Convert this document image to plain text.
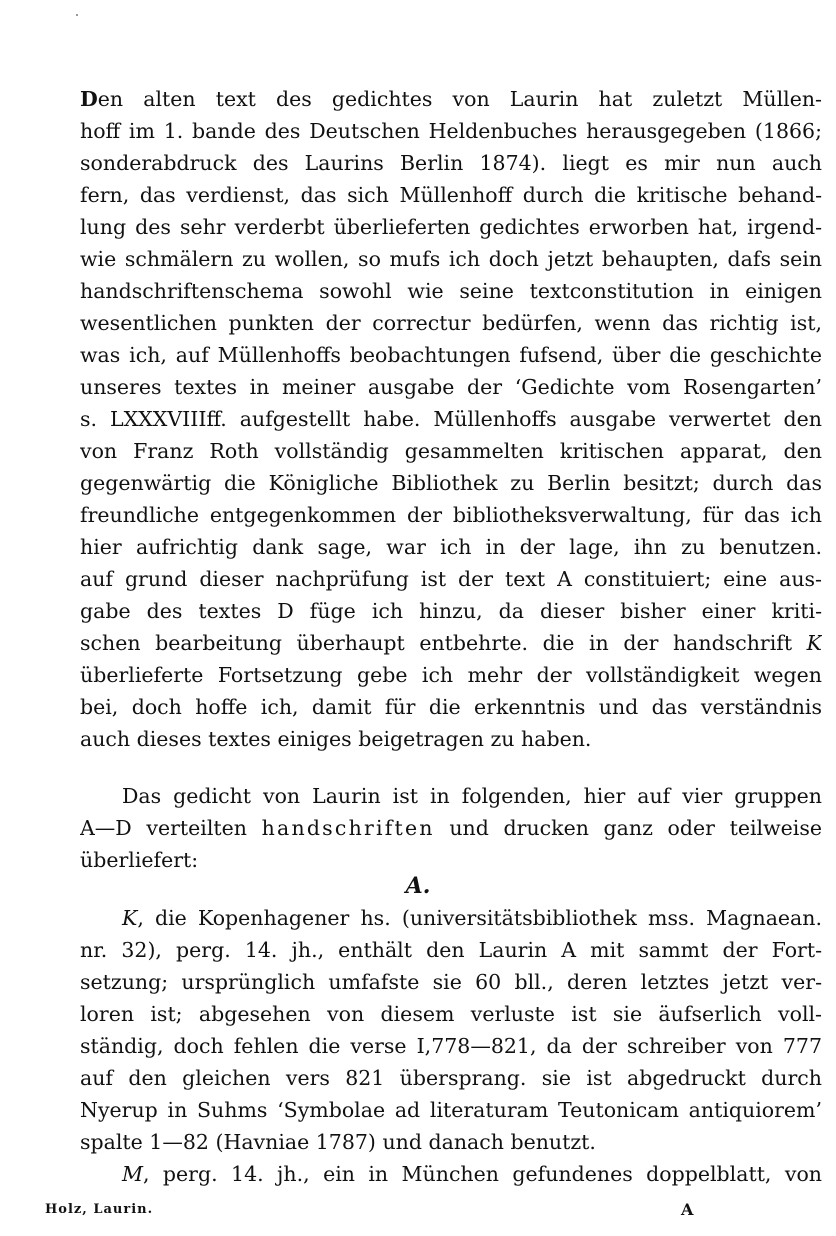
Den alten text des gedichtes von Laurin hat zuletzt Müllen-
hoff im 1. bande des Deutschen Heldenbuches herausgegeben (1866;
sonderabdruck des Laurins Berlin 1874). liegt es mir nun auch
fern, das verdienst, das sich Müllenhoff durch die kritische behand-
lung des sehr verderbt überlieferten gedichtes erworben hat, irgend-
wie schmälern zu wollen, so mufs ich doch jetzt behaupten, dafs sein
handschriftenschema sowohl wie seine textconstitution in einigen
wesentlichen punkten der correctur bedürfen, wenn das richtig ist,
was ich, auf Müllenhoffs beobachtungen fufsend, über die geschichte
unseres textes in meiner ausgabe der ‘Gedichte vom Rosengarten’
s. LXXXVIIIff. aufgestellt habe. Müllenhoffs ausgabe verwertet den
von Franz Roth vollständig gesammelten kritischen apparat, den
gegenwärtig die Königliche Bibliothek zu Berlin besitzt; durch das
freundliche entgegenkommen der bibliotheksverwaltung, für das ich
hier aufrichtig dank sage, war ich in der lage, ihn zu benutzen.
auf grund dieser nachprüfung ist der text A constituiert; eine aus-
gabe des textes D füge ich hinzu, da dieser bisher einer kriti-
schen bearbeitung überhaupt entbehrte. die in der handschrift K
überlieferte Fortsetzung gebe ich mehr der vollständigkeit wegen
bei, doch hoffe ich, damit für die erkenntnis und das verständnis
auch dieses textes einiges beigetragen zu haben.
Das gedicht von Laurin ist in folgenden, hier auf vier gruppen
A—D verteilten handschriften und drucken ganz oder teilweise
überliefert:
A.
K, die Kopenhagener hs. (universitätsbibliothek mss. Magnaean.
nr. 32), perg. 14. jh., enthält den Laurin A mit sammt der Fort-
setzung; ursprünglich umfafste sie 60 bll., deren letztes jetzt ver-
loren ist; abgesehen von diesem verluste ist sie äufserlich voll-
ständig, doch fehlen die verse I,778—821, da der schreiber von 777
auf den gleichen vers 821 übersprang. sie ist abgedruckt durch
Nyerup in Suhms ‘Symbolae ad literaturam Teutonicam antiquiorem’
spalte 1—82 (Havniae 1787) und danach benutzt.
M, perg. 14. jh., ein in München gefundenes doppelblatt, von
Holz, Laurin.	A
